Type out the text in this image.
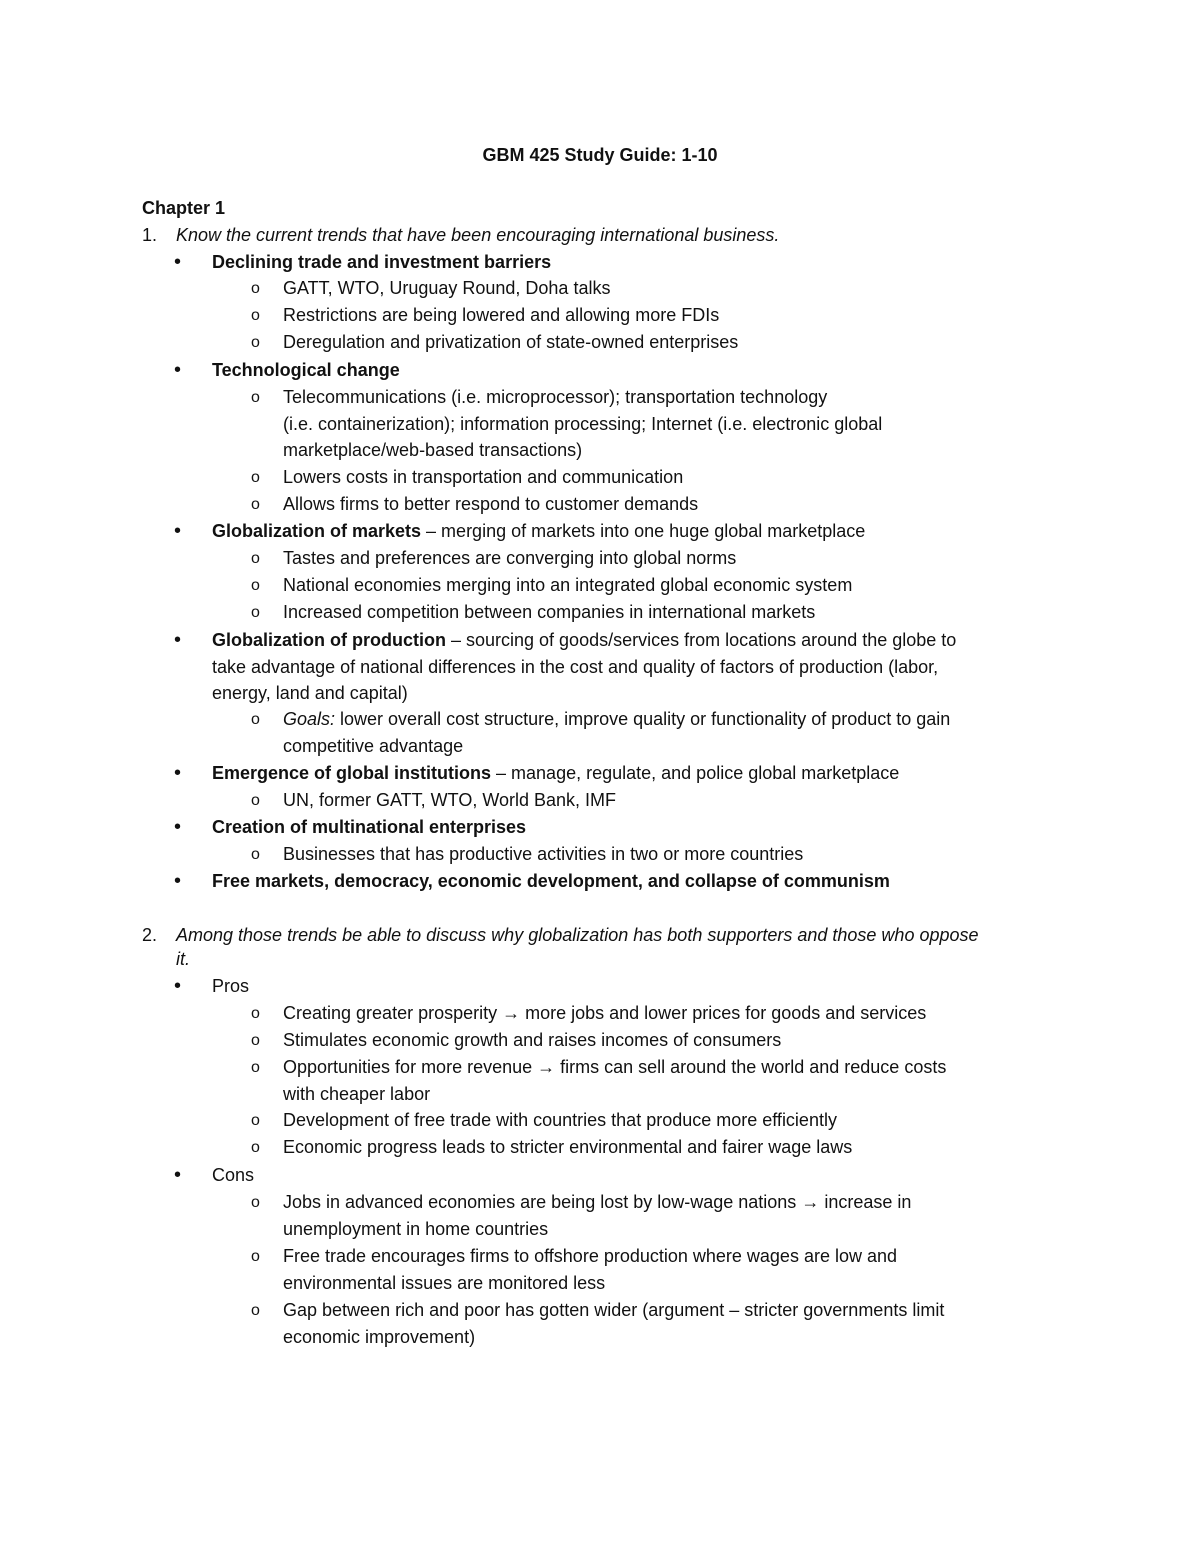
GBM 425 Study Guide: 1-10
Chapter 1
1. Know the current trends that have been encouraging international business.
• Declining trade and investment barriers
o GATT, WTO, Uruguay Round, Doha talks
o Restrictions are being lowered and allowing more FDIs
o Deregulation and privatization of state-owned enterprises
• Technological change
o Telecommunications (i.e. microprocessor); transportation technology
(i.e. containerization); information processing; Internet (i.e. electronic global
marketplace/web-based transactions)
o Lowers costs in transportation and communication
o Allows firms to better respond to customer demands
• Globalization of markets – merging of markets into one huge global marketplace
o Tastes and preferences are converging into global norms
o National economies merging into an integrated global economic system
o Increased competition between companies in international markets
• Globalization of production – sourcing of goods/services from locations around the globe to
take advantage of national differences in the cost and quality of factors of production (labor,
energy, land and capital)
o Goals: lower overall cost structure, improve quality or functionality of product to gain
competitive advantage
• Emergence of global institutions – manage, regulate, and police global marketplace
o UN, former GATT, WTO, World Bank, IMF
• Creation of multinational enterprises
o Businesses that has productive activities in two or more countries
• Free markets, democracy, economic development, and collapse of communism
2. Among those trends be able to discuss why globalization has both supporters and those who oppose
it.
• Pros
o Creating greater prosperity → more jobs and lower prices for goods and services
o Stimulates economic growth and raises incomes of consumers
o Opportunities for more revenue → firms can sell around the world and reduce costs
with cheaper labor
o Development of free trade with countries that produce more efficiently
o Economic progress leads to stricter environmental and fairer wage laws
• Cons
o Jobs in advanced economies are being lost by low-wage nations → increase in
unemployment in home countries
o Free trade encourages firms to offshore production where wages are low and
environmental issues are monitored less
o Gap between rich and poor has gotten wider (argument – stricter governments limit
economic improvement)
